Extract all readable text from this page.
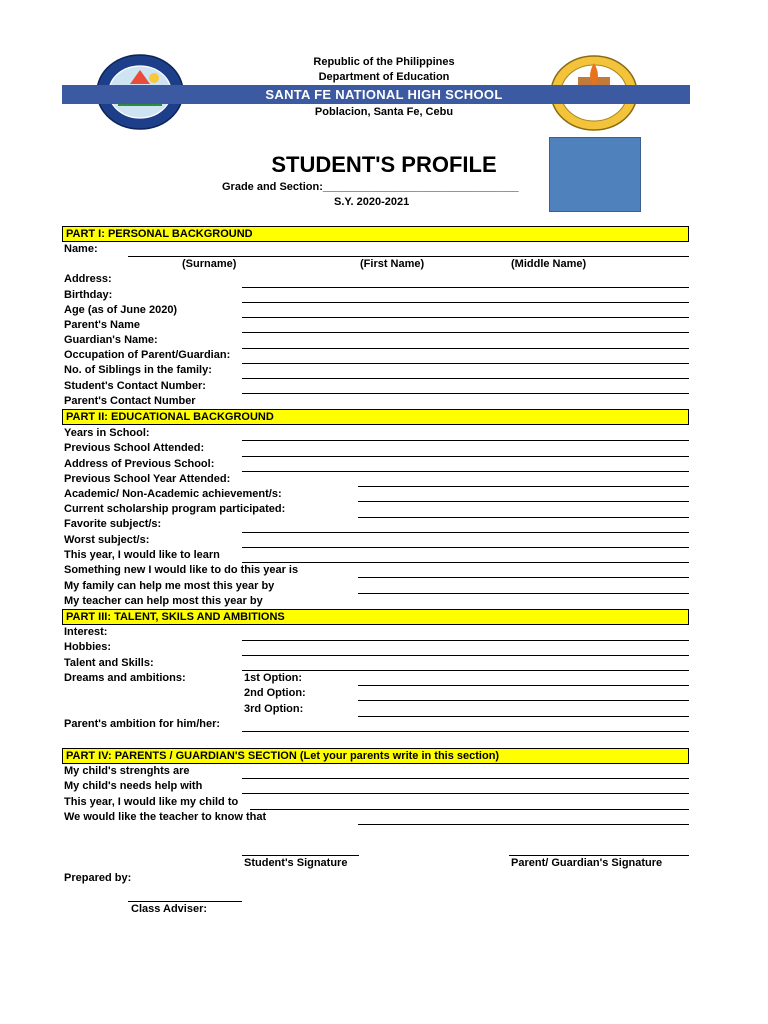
Republic of the Philippines
Department of Education
SANTA FE NATIONAL HIGH SCHOOL
Poblacion, Santa Fe, Cebu
STUDENT'S PROFILE
Grade and Section:________________________________
S.Y. 2020-2021
PART I: PERSONAL BACKGROUND
Name:
(Surname)	(First Name)	(Middle Name)
Address:
Birthday:
Age (as of June 2020)
Parent's Name
Guardian's Name:
Occupation of Parent/Guardian:
No. of Siblings in the family:
Student's Contact Number:
Parent's Contact Number
PART II: EDUCATIONAL BACKGROUND
Years in School:
Previous School Attended:
Address of Previous School:
Previous School Year Attended:
Academic/ Non-Academic achievement/s:
Current scholarship program participated:
Favorite subject/s:
Worst subject/s:
This year, I would like to learn
Something new I would like to do this year is
My family can help me most this year by
My teacher can help most this year by
PART III: TALENT, SKILS AND AMBITIONS
Interest:
Hobbies:
Talent and Skills:
Dreams and ambitions:	1st Option:
2nd Option:
3rd Option:
Parent's ambition for him/her:
PART IV: PARENTS / GUARDIAN'S SECTION (Let your parents write in this section)
My child's strenghts are
My child's needs help with
This year, I would like my child to
We would like the teacher to know that
Student's Signature	Parent/ Guardian's Signature
Prepared by:
Class Adviser:
